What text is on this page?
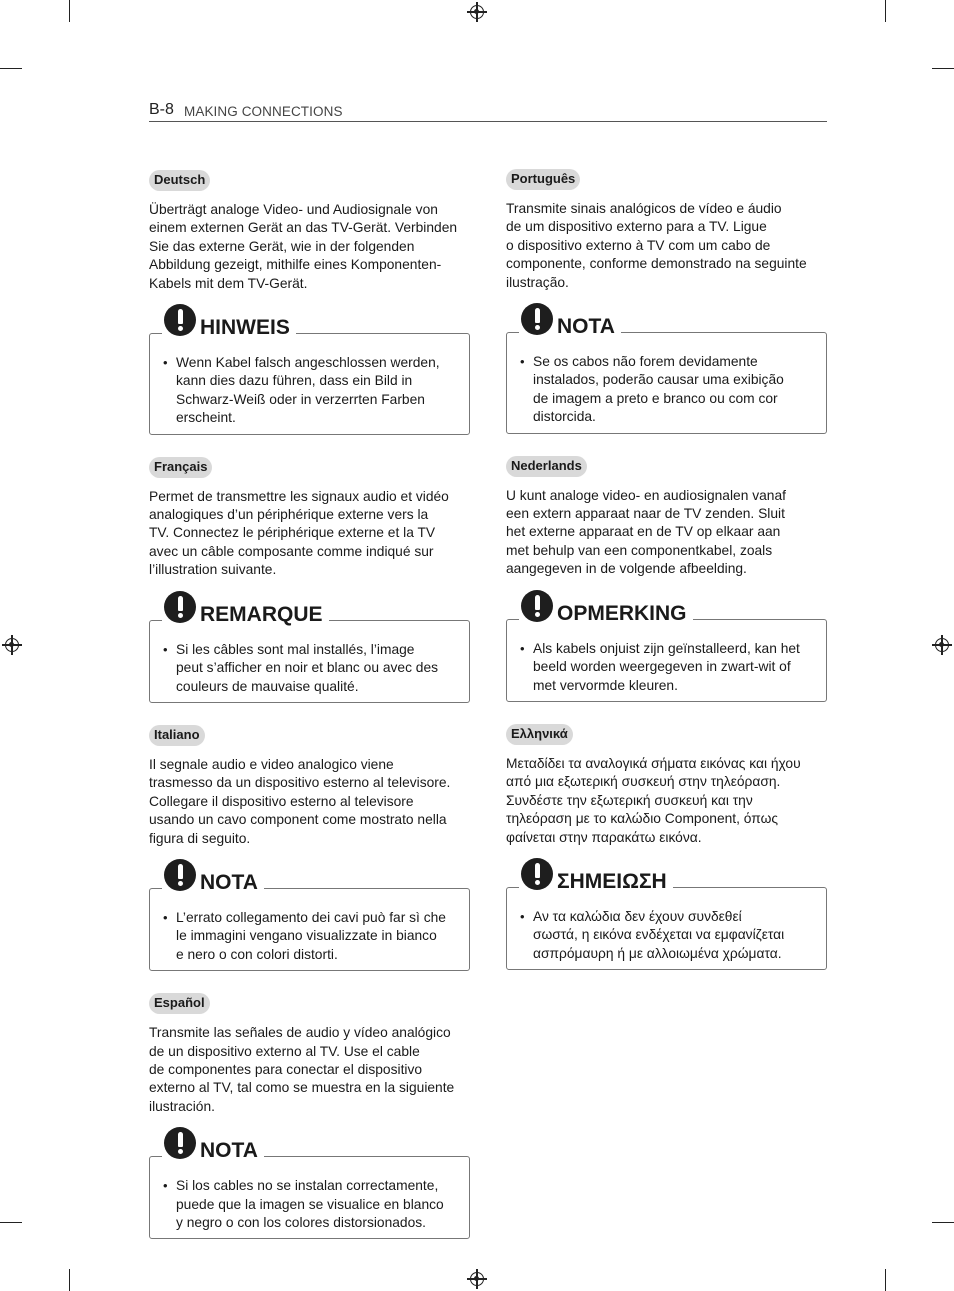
B-8 MAKING CONNECTIONS
Deutsch

Überträgt analoge Video- und Audiosignale von
einem externen Gerät an das TV-Gerät. Verbinden
Sie das externe Gerät, wie in der folgenden
Abbildung gezeigt, mithilfe eines Komponenten-
Kabels mit dem TV-Gerät.

HINWEIS
• Wenn Kabel falsch angeschlossen werden,
kann dies dazu führen, dass ein Bild in
Schwarz-Weiß oder in verzerrten Farben
erscheint.
Français

Permet de transmettre les signaux audio et vidéo
analogiques d’un périphérique externe vers la
TV. Connectez le périphérique externe et la TV
avec un câble composante comme indiqué sur
l’illustration suivante.

REMARQUE
• Si les câbles sont mal installés, l’image
peut s’afficher en noir et blanc ou avec des
couleurs de mauvaise qualité.
Italiano

Il segnale audio e video analogico viene
trasmesso da un dispositivo esterno al televisore.
Collegare il dispositivo esterno al televisore
usando un cavo component come mostrato nella
figura di seguito.

NOTA
• L’errato collegamento dei cavi può far sì che
le immagini vengano visualizzate in bianco
e nero o con colori distorti.
Español

Transmite las señales de audio y vídeo analógico
de un dispositivo externo al TV. Use el cable
de componentes para conectar el dispositivo
externo al TV, tal como se muestra en la siguiente
ilustración.

NOTA
• Si los cables no se instalan correctamente,
puede que la imagen se visualice en blanco
y negro o con los colores distorsionados.
Português

Transmite sinais analógicos de vídeo e áudio
de um dispositivo externo para a TV. Ligue
o dispositivo externo à TV com um cabo de
componente, conforme demonstrado na seguinte
ilustração.

NOTA
• Se os cabos não forem devidamente
instalados, poderão causar uma exibição
de imagem a preto e branco ou com cor
distorcida.
Nederlands

U kunt analoge video- en audiosignalen vanaf
een extern apparaat naar de TV zenden. Sluit
het externe apparaat en de TV op elkaar aan
met behulp van een componentkabel, zoals
aangegeven in de volgende afbeelding.

OPMERKING
• Als kabels onjuist zijn geïnstalleerd, kan het
beeld worden weergegeven in zwart-wit of
met vervormde kleuren.
Ελληνικά

Μεταδίδει τα αναλογικά σήματα εικόνας και ήχου
από μια εξωτερική συσκευή στην τηλεόραση.
Συνδέστε την εξωτερική συσκευή και την
τηλεόραση με το καλώδιο Component, όπως
φαίνεται στην παρακάτω εικόνα.

ΣΗΜΕΙΩΣΗ
• Αν τα καλώδια δεν έχουν συνδεθεί
σωστά, η εικόνα ενδέχεται να εμφανίζεται
ασπρόμαυρη ή με αλλοιωμένα χρώματα.
